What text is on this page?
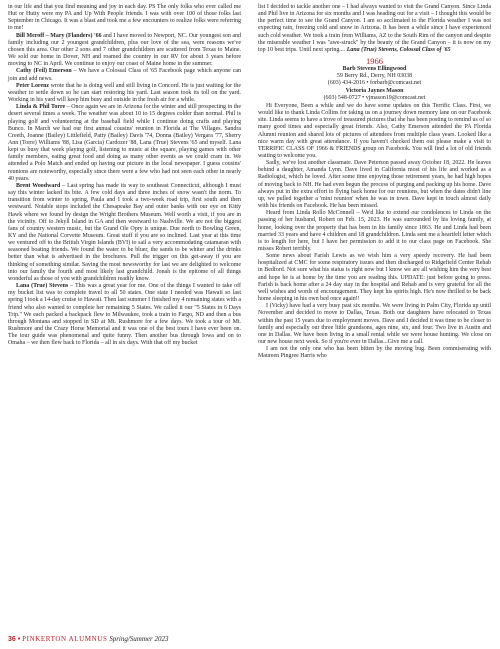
in our life and that you find meaning and joy in each day. PS The only folks who ever called me Hut or Hutty were my PA and Up With People friends. I was with over 100 of those folks last September in Chicago. It was a blast and took me a few encounters to realize folks were referring to me!

Bill Meroff – Mary (Flanders) '66 and I have moved to Newport, NC. Our youngest son and family including our 2 youngest grandchildren, plus our love of the sea, were reasons we've chosen this area. Our other 2 sons and 7 other grandchildren are scattered from Texas to Maine. We sold our home in Dover, NH and roamed the country in our RV for about 3 years before moving to NC in April. We continue to enjoy our coast of Maine home in the summer.

Cathy (Feil) Emerson – We have a Colossal Class of '65 Facebook page which anyone can join and add news.

Peter Lorenz wrote that he is doing well and still living in Concord. He is just waiting for the weather to settle down so he can start restoring his yard. Last season took its toll on the yard. Working in his yard will keep him busy and outside in the fresh air for a while.

Linda & Phil Torre – Once again we are in Arizona for the winter and still prospecting in the desert several times a week. The weather was about 10 to 15 degrees colder than normal. Phil is playing golf and volunteering at the baseball field while I continue doing crafts and playing Bunco. In March we had our first annual cousins' reunion in Florida at The Villages. Sandra Creeth, Joanne (Bailey) Littlefield, Patty (Bailey) Davis '74, Donna (Bailey) Vergara '77, Sherry Ann (Torre) Williams '88, Lisa (Garcia) Cardozer '88, Lana (True) Stevens '65 and myself. Lana kept us busy that week playing golf, listening to music at the square, playing games with other family members, eating great food and doing as many other events as we could cram in. We attended a Polo Match and ended up having our picture in the local newspaper. I guess cousins' reunions are noteworthy, especially since there were a few who had not seen each other in nearly 40 years.

Brent Woodward – Last spring has made its way to southeast Connecticut, although I must say this winter lacked its bite. A few cold days and three inches of snow wasn't the norm. To transition from winter to spring, Paula and I took a two-week road trip, first south and then westward. Notable stops included the Chesapeake Bay and outer banks with our eye on Kitty Hawk where we found by design the Wright Brothers Museum. Well worth a visit, if you are in the vicinity. Off to Jekyll Island in GA and then westward to Nashville. We are not the biggest fans of country western music, but the Grand Ole Opry is unique. Due north to Bowling Green, KY and the National Corvette Museum. Great stuff if you are so inclined. Last year at this time we ventured off to the British Virgin Islands (BVI) to sail a very accommodating catamaran with seasoned boating friends. We found the water to be bluer, the sands to be whiter and the drinks better than what is advertised in the brochures. Pull the trigger on this get-away if you are thinking of something similar. Saving the most newsworthy for last we are delighted to welcome into our family the fourth and most likely last grandchild. Jonah is the epitome of all things wonderful as those of you with grandchildren readily know.

Lana (True) Stevens – This was a great year for me. One of the things I wanted to take off my bucket list was to complete travel to all 50 states. One state I needed was Hawaii so last spring I took a 14-day cruise to Hawaii. Then last summer I finished my 4 remaining states with a friend who also wanted to complete her remaining 5 States. We called it our "5 States in 6 Days Trip." We each packed a backpack flew to Milwaukee, took a train to Fargo, ND and then a bus through Montana and stopped in SD at Mt. Rushmore for a few days. We took a tour of Mt. Rushmore and the Crazy Horse Memorial and it was one of the best tours I have ever been on. The tour guide was phenomenal and quite funny. Then another bus through Iowa and on to Omaha – we then flew back to Florida – all in six days. With that off my bucket

list I decided to tackle another one – I had always wanted to visit the Grand Canyon. Since Linda and Phil live in Arizona for six months and I was heading out for a visit – I thought this would be the perfect time to see the Grand Canyon. I am so acclimated to the Florida weather I was not expecting rain, freezing cold and snow in Arizona. It has been a while since I have experienced such cold weather. We took a train from Williams, AZ to the South Rim of the canyon and despite the miserable weather I was "awe-struck" by the beauty of the Grand Canyon – it is now on my top 10 best trips. Until next spring.... Lana (True) Stevens, Colossal Class of '65

1966
Barb Stevens Ellingwood
59 Berry Rd., Derry, NH 03038
(603) 434-2016 • forbarb@comcast.net
Victoria Jaynes Mason
(603) 548-0727 • vjmason19@comcast.net

Hi Everyone, Been a while and we do have some updates on this Terrific Class. First, we would like to thank Linda Collins for taking us on a journey down memory lane on our Facebook site. Linda seems to have a trove of treasured pictures that she has been posting to remind us of so many good times and especially great friends. Also, Cathy Emerson attended the PA Florida Alumni reunion and shared lots of pictures of attendees from multiple class years. Looked like a nice warm day with great attendance. If you haven't checked them out please make a visit to TERRIFIC CLASS OF 1966 & FRIENDS group on Facebook. You will find a lot of old friends waiting to welcome you.

Sadly, we've lost another classmate. Dave Peterson passed away October 18, 2022. He leaves behind a daughter, Amanda Lynn. Dave lived in California most of his life and worked as a Radiologist, which he loved. After some time enjoying those retirement years, he had high hopes of moving back to NH. He had even begun the process of purging and packing up his home. Dave always put in the extra effort to flying back home for our reunions, but when the dates didn't line up, we pulled together a 'mini reunion' when he was in town. Dave kept in touch almost daily with his friends on Facebook. He has been missed.

Heard from Linda Rollo McConnell – We'd like to extend our condolences to Linda on the passing of her husband, Robert on Feb. 15, 2023. He was surrounded by his loving family, at home, looking over the property that has been in his family since 1863. He and Linda had been married 33 years and have 4 children and 18 grandchildren. Linda sent me a heartfelt letter which is to length for here, but I have her permission to add it to our class page on Facebook. She misses Robert terribly.

Some news about Farish Lewis as we wish him a very speedy recovery. He had been hospitalized at CMC for some respiratory issues and then discharged to Ridgefield Center Rehab in Bedford. Not sure what his status is right now but I know we are all wishing him the very best and hope he is at home by the time you are reading this. UPDATE: just before going to press. Farish is back home after a 24 day stay in the hospital and Rehab and is very grateful for all the well wishes and words of encouragement. They kept his spirits high. He's now thrilled to be back home sleeping in his own bed once again!!

I (Vicky) have had a very busy past six months. We were living in Palm City, Florida up until November and decided to move to Dallas, Texas. Both our daughters have relocated to Texas within the past 15 years due to employment moves. Dave and I decided it was time to be closer to family and especially our three little grandsons, ages nine, six, and four. Two live in Austin and one in Dallas. We have been living in a small rental while we were house hunting. We close on our new house next week. So if you're ever in Dallas...Give me a call.

I am not the only one who has been bitten by the moving bug. Been commiserating with Maureen Pingree Harris who

36 • PINKERTON ALUMNUS Spring/Summer 2023
